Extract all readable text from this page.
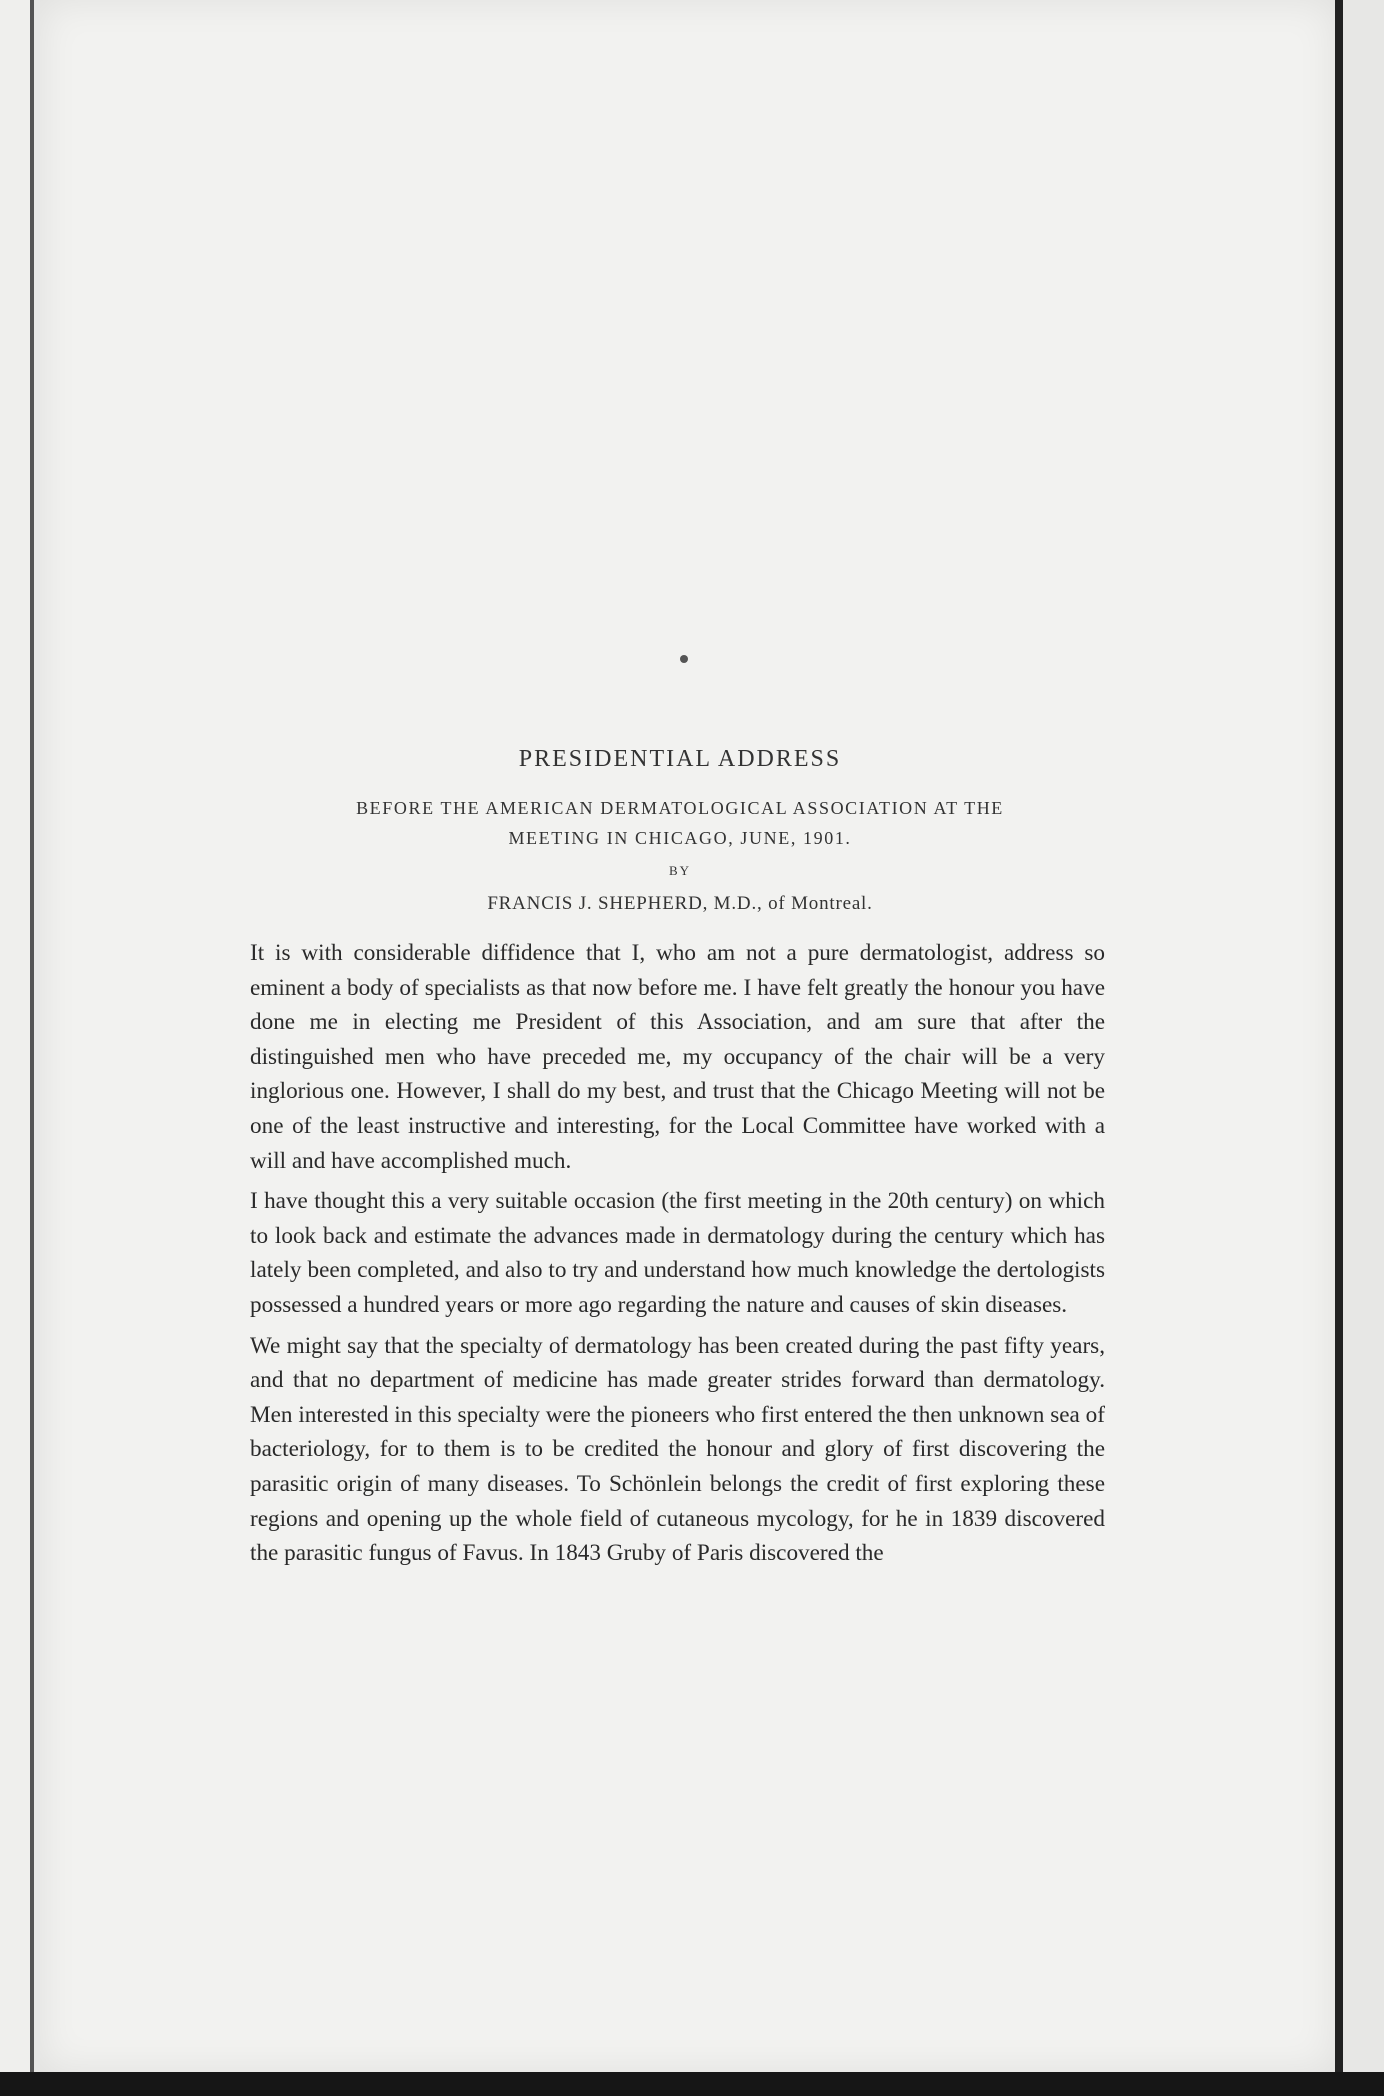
PRESIDENTIAL ADDRESS

BEFORE THE AMERICAN DERMATOLOGICAL ASSOCIATION AT THE

MEETING IN CHICAGO, JUNE, 1901.

BY

FRANCIS J. SHEPHERD, M.D., of Montreal.

It is with considerable diffidence that I, who am not a pure dermatologist, address so eminent a body of specialists as that now before me. I have felt greatly the honour you have done me in electing me President of this Association, and am sure that after the distinguished men who have preceded me, my occupancy of the chair will be a very inglorious one. However, I shall do my best, and trust that the Chicago Meeting will not be one of the least instructive and interesting, for the Local Committee have worked with a will and have accomplished much.

I have thought this a very suitable occasion (the first meeting in the 20th century) on which to look back and estimate the advances made in dermatology during the century which has lately been completed, and also to try and understand how much knowledge the dertologists possessed a hundred years or more ago regarding the nature and causes of skin diseases.

We might say that the specialty of dermatology has been created during the past fifty years, and that no department of medicine has made greater strides forward than dermatology. Men interested in this specialty were the pioneers who first entered the then unknown sea of bacteriology, for to them is to be credited the honour and glory of first discovering the parasitic origin of many diseases. To Schönlein belongs the credit of first exploring these regions and opening up the whole field of cutaneous mycology, for he in 1839 discovered the parasitic fungus of Favus. In 1843 Gruby of Paris discovered the
